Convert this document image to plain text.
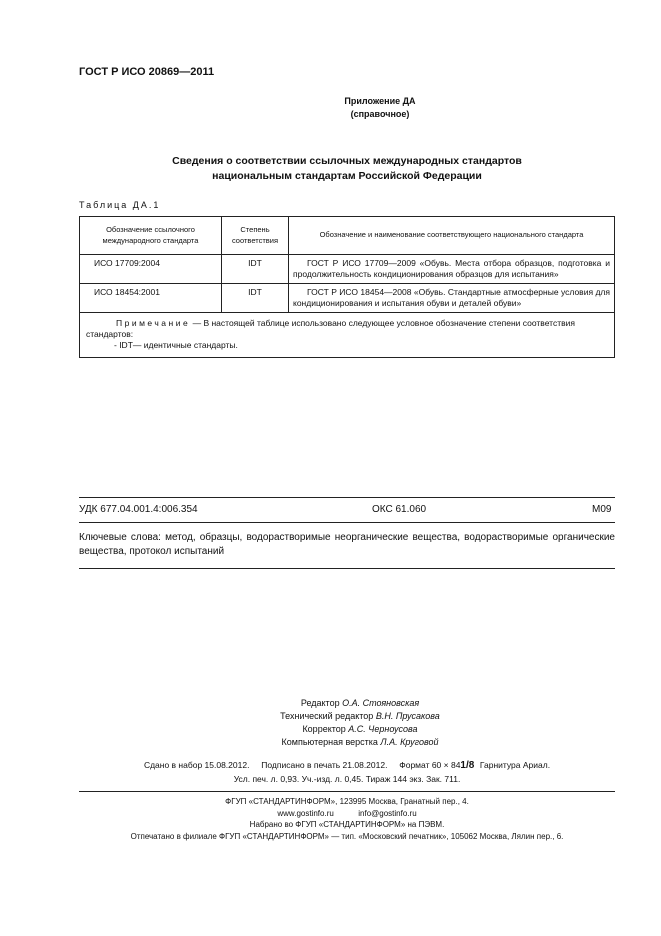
ГОСТ Р ИСО 20869—2011
Приложение ДА
(справочное)
Сведения о соответствии ссылочных международных стандартов
национальным стандартам Российской Федерации
Таблица ДА.1
Обозначение ссылочного международного стандарта	Степень соответствия	Обозначение и наименование соответствующего национального стандарта
ИСО 17709:2004	IDT	ГОСТ Р ИСО 17709—2009 «Обувь. Места отбора образцов, подготовка и продолжительность кондиционирования образцов для испытания»
ИСО 18454:2001	IDT	ГОСТ Р ИСО 18454—2008 «Обувь. Стандартные атмосферные условия для кондиционирования и испытания обуви и деталей обуви»

Примечание — В настоящей таблице использовано следующее условное обозначение степени соответствия стандартов:
- IDT— идентичные стандарты.		
УДК 677.04.001.4:006.354	ОКС 61.060	М09
Ключевые слова: метод, образцы, водорастворимые неорганические вещества, водорастворимые органические вещества, протокол испытаний
Редактор О.А. Стояновская
Технический редактор В.Н. Прусакова
Корректор А.С. Черноусова
Компьютерная верстка Л.А. Круговой
Сдано в набор 15.08.2012. Подписано в печать 21.08.2012. Формат 60 × 841/8 Гарнитура Ариал.
Усл. печ. л. 0,93. Уч.-изд. л. 0,45. Тираж 144 экз. Зак. 711.
ФГУП «СТАНДАРТИНФОРМ», 123995 Москва, Гранатный пер., 4.
www.gostinfo.ru	info@gostinfo.ru
Набрано во ФГУП «СТАНДАРТИНФОРМ» на ПЭВМ.
Отпечатано в филиале ФГУП «СТАНДАРТИНФОРМ» — тип. «Московский печатник», 105062 Москва, Лялин пер., 6.
